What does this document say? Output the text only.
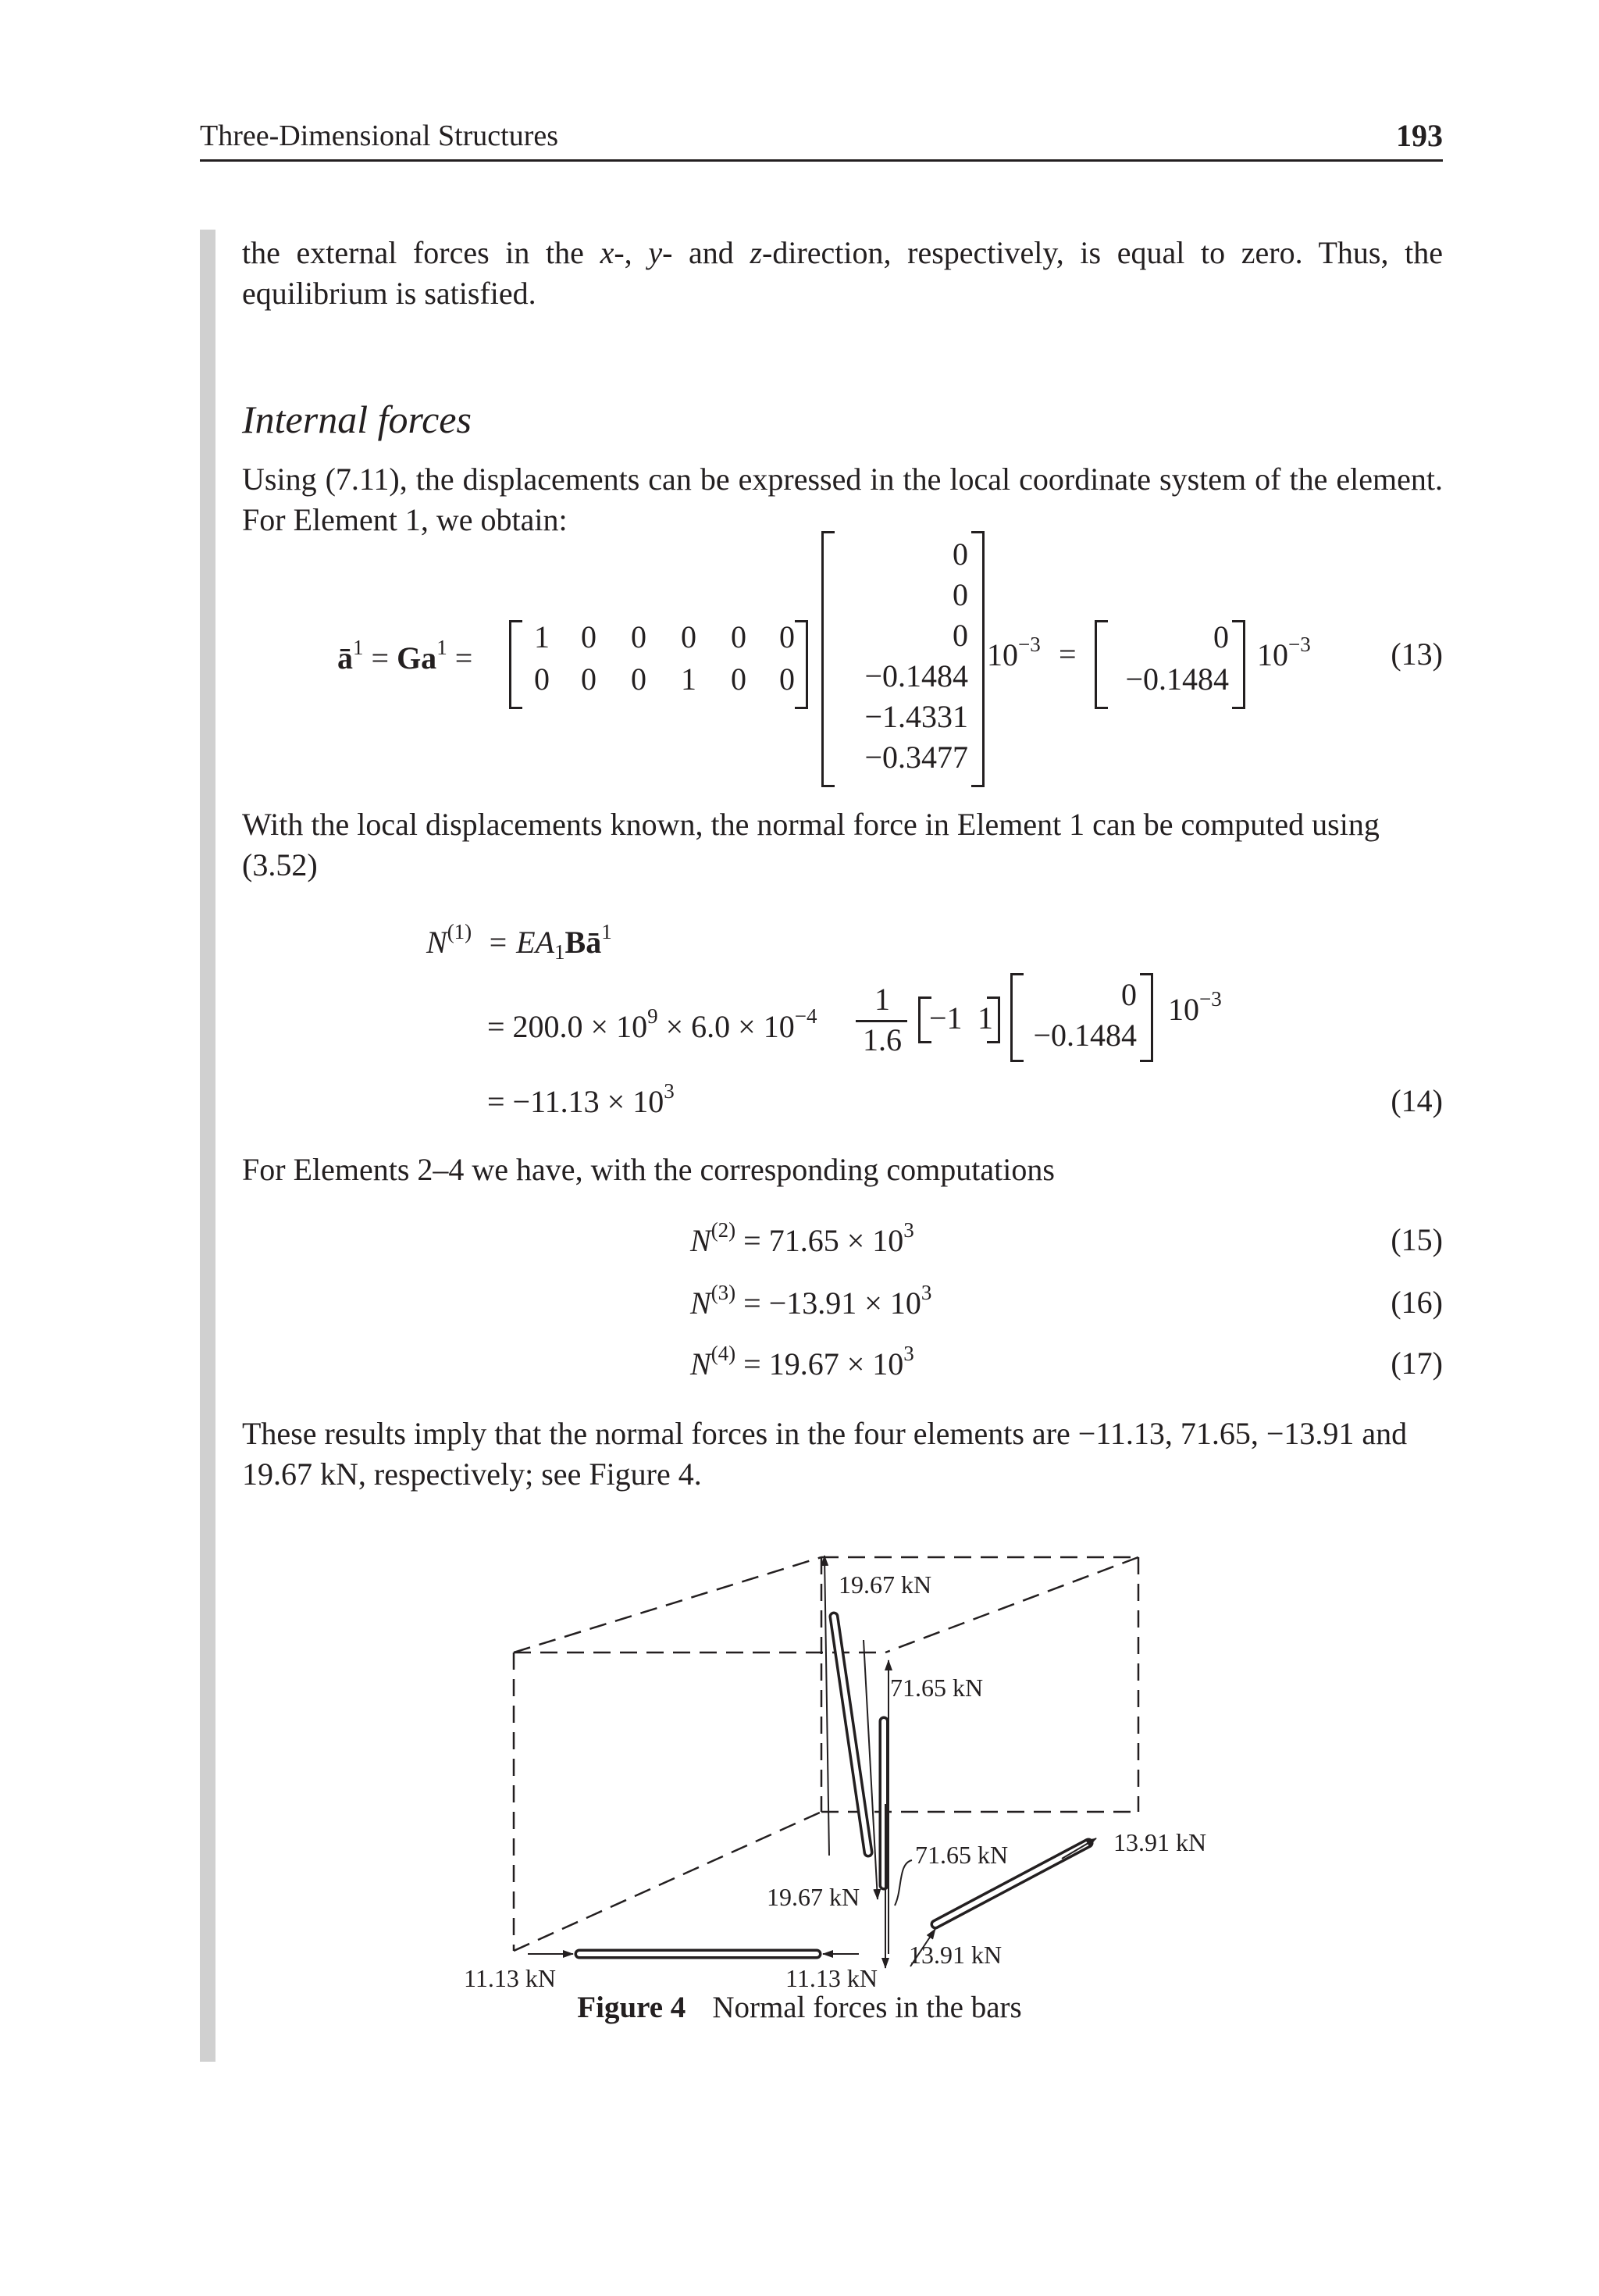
Three-Dimensional Structures	193
the external forces in the x-, y- and z-direction, respectively, is equal to zero. Thus, the equilibrium is satisfied.
Internal forces
Using (7.11), the displacements can be expressed in the local coordinate system of the element. For Element 1, we obtain:
$ā^1 = Ga^1$ =
1 0 0 0 0 0
0 0 0 1 0 0
0
0
0
−0.1484
−1.4331
−0.3477
$10^{-3}$ =	0
−0.1484
$10^{-3}$	(13)
With the local displacements known, the normal force in Element 1 can be computed using (3.52)
$N^{(1)}$ = $EA_1Bā^1$
= $200.0 \times 10^9 \times 6.0 \times 10^{-4}$	1
1.6
−1 1
0
−0.1484
$10^{-3}$
= $-11.13 \times 10^3$	(14)
For Elements 2–4 we have, with the corresponding computations
$N^{(2)} = 71.65 \times 10^3$	(15)
$N^{(3)} = -13.91 \times 10^3$	(16)
$N^{(4)} = 19.67 \times 10^3$	(17)
These results imply that the normal forces in the four elements are −11.13, 71.65, −13.91 and 19.67 kN, respectively; see Figure 4.
19.67 kN
71.65 kN
71.65 kN
19.67 kN
13.91 kN
13.91 kN
11.13 kN	11.13 kN
Figure 4 Normal forces in the bars
